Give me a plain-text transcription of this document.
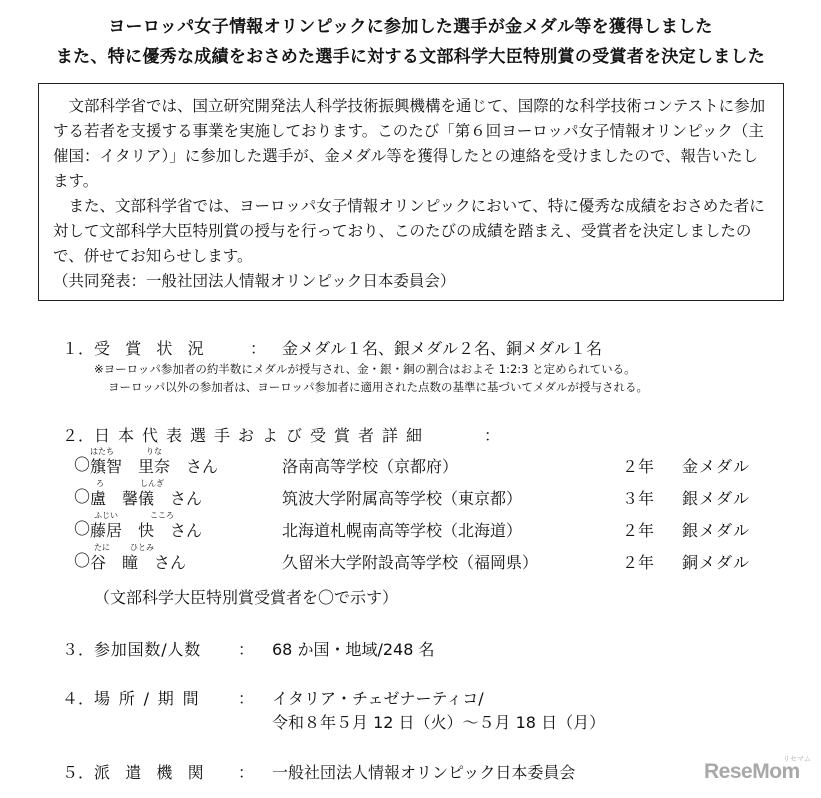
ヨーロッパ女子情報オリンピックに参加した選手が金メダル等を獲得しました
また、特に優秀な成績をおさめた選手に対する文部科学大臣特別賞の受賞者を決定しました

文部科学省では、国立研究開発法人科学技術振興機構を通じて、国際的な科学技術コンテストに参加する若者を支援する事業を実施しております。このたび「第６回ヨーロッパ女子情報オリンピック（主催国：イタリア）」に参加した選手が、金メダル等を獲得したとの連絡を受けましたので、報告いたします。

また、文部科学省では、ヨーロッパ女子情報オリンピックにおいて、特に優秀な成績をおさめた者に対して文部科学大臣特別賞の授与を行っており、このたびの成績を踏まえ、受賞者を決定しましたので、併せてお知らせします。

（共同発表：一般社団法人情報オリンピック日本委員会）

１． 受賞状況 ： 金メダル１名、銀メダル２名、銅メダル１名
※ヨーロッパ参加者の約半数にメダルが授与され、金・銀・銅の割合はおよそ 1:2:3 と定められている。
ヨーロッパ以外の参加者は、ヨーロッパ参加者に適用された点数の基準に基づいてメダルが授与される。
２． 日本代表選手および受賞者詳細	：
はたち	りな
〇 籏智　里奈　さん	洛南高等学校（京都府）	２年 金メダル
ろ	しんぎ
〇 盧　馨儀　さん	筑波大学附属高等学校（東京都）	３年 銀メダル
ふじい	こころ
〇 藤居　快　さん	北海道札幌南高等学校（北海道）	２年 銀メダル
たに	ひとみ
〇 谷　瞳　さん	久留米大学附設高等学校（福岡県）	２年 銅メダル
（文部科学大臣特別賞受賞者を〇で示す）
３． 参加国数/人数 ： 68 か国・地域/248 名
４． 場所/期間 ： イタリア・チェゼナーティコ/
令和８年５月 12 日（火）～５月 18 日（月）
５． 派遣機関 ： 一般社団法人情報オリンピック日本委員会
リセマム
ReseMom
